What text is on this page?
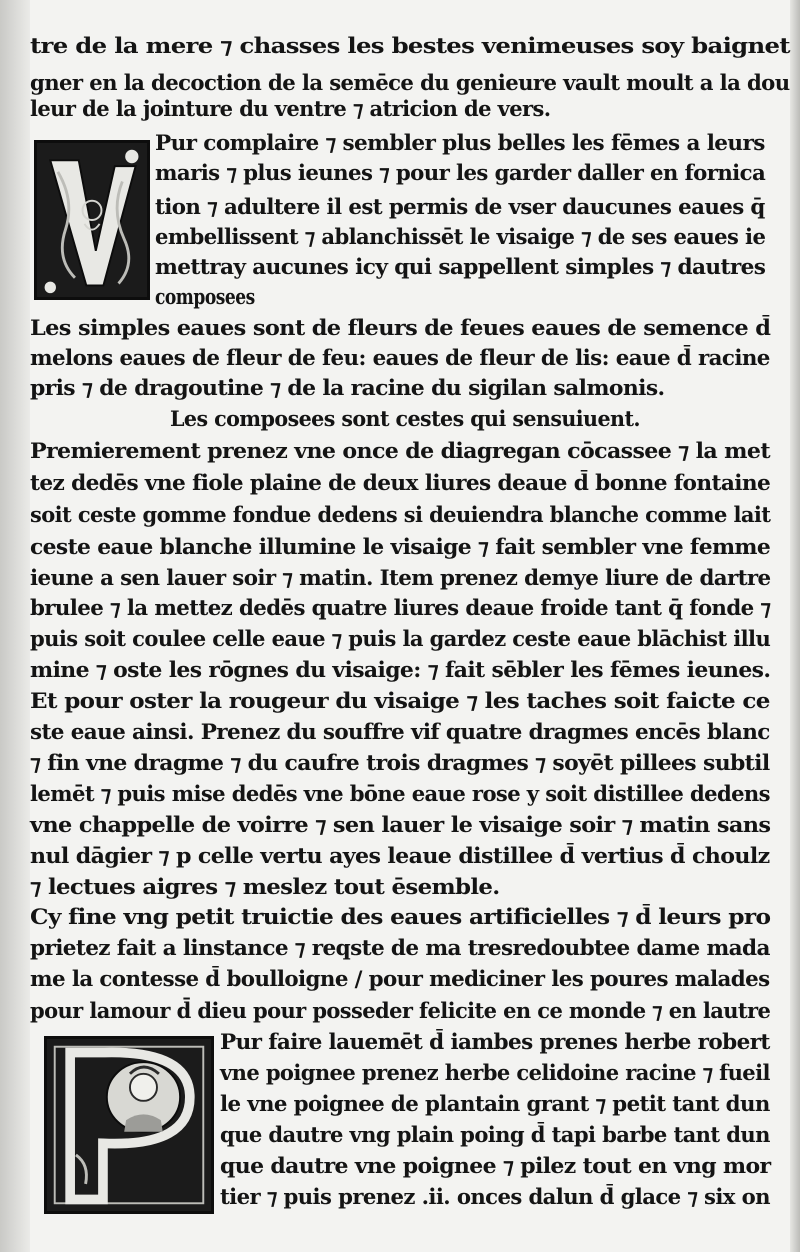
tre de la mere ⁊ chasses les bestes venimeuses soy baignet
gner en la decoction de la semēce du genieure vault moult a la dou
leur de la jointure du ventre ⁊ atricion de vers.
Pur complaire ⁊ sembler plus belles les fēmes a leurs
maris ⁊ plus ieunes ⁊ pour les garder daller en fornica
tion ⁊ adultere il est permis de vser daucunes eaues q̄
embellissent ⁊ ablanchissēt le visaige ⁊ de ses eaues ie
mettray aucunes icy qui sappellent simples ⁊ dautres
composees
Les simples eaues sont de fleurs de feues eaues de semence d̄
melons eaues de fleur de feu: eaues de fleur de lis: eaue d̄ racine
pris ⁊ de dragoutine ⁊ de la racine du sigilan salmonis.
Les composees sont cestes qui sensuiuent.
Premierement prenez vne once de diagregan cōcassee ⁊ la met
tez dedēs vne fiole plaine de deux liures deaue d̄ bonne fontaine
soit ceste gomme fondue dedens si deuiendra blanche comme lait
ceste eaue blanche illumine le visaige ⁊ fait sembler vne femme
ieune a sen lauer soir ⁊ matin. Item prenez demye liure de dartre
brulee ⁊ la mettez dedēs quatre liures deaue froide tant q̄ fonde ⁊
puis soit coulee celle eaue ⁊ puis la gardez ceste eaue blāchist illu
mine ⁊ oste les rōgnes du visaige: ⁊ fait sēbler les fēmes ieunes.
Et pour oster la rougeur du visaige ⁊ les taches soit faicte ce
ste eaue ainsi. Prenez du souffre vif quatre dragmes encēs blanc
⁊ fin vne dragme ⁊ du caufre trois dragmes ⁊ soyēt pillees subtil
lemēt ⁊ puis mise dedēs vne bōne eaue rose y soit distillee dedens
vne chappelle de voirre ⁊ sen lauer le visaige soir ⁊ matin sans
nul dāgier ⁊ p celle vertu ayes leaue distillee d̄ vertius d̄ choulz
⁊ lectues aigres ⁊ meslez tout ēsemble.
Cy fine vng petit truictie des eaues artificielles ⁊ d̄ leurs pro
prietez fait a linstance ⁊ reqste de ma tresredoubtee dame mada
me la contesse d̄ boulloigne / pour mediciner les poures malades
pour lamour d̄ dieu pour posseder felicite en ce monde ⁊ en lautre
Pur faire lauemēt d̄ iambes prenes herbe robert
vne poignee prenez herbe celidoine racine ⁊ fueil
le vne poignee de plantain grant ⁊ petit tant dun
que dautre vng plain poing d̄ tapi barbe tant dun
que dautre vne poignee ⁊ pilez tout en vng mor
tier ⁊ puis prenez .ii. onces dalun d̄ glace ⁊ six on
